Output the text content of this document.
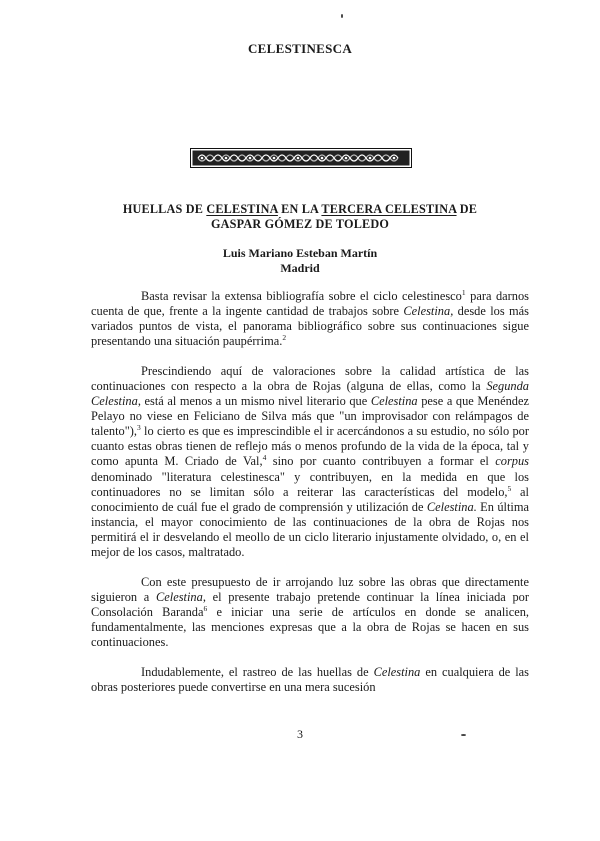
CELESTINESCA
HUELLAS DE CELESTINA EN LA TERCERA CELESTINA DE
GASPAR GÓMEZ DE TOLEDO
Luis Mariano Esteban Martín
Madrid

Basta revisar la extensa bibliografía sobre el ciclo celestinesco$^1$ para darnos cuenta de que, frente a la ingente cantidad de trabajos sobre Celestina, desde los más variados puntos de vista, el panorama bibliográfico sobre sus continuaciones sigue presentando una situación paupérrima.$^2$

Prescindiendo aquí de valoraciones sobre la calidad artística de las continuaciones con respecto a la obra de Rojas (alguna de ellas, como la Segunda Celestina, está al menos a un mismo nivel literario que Celestina pese a que Menéndez Pelayo no viese en Feliciano de Silva más que "un improvisador con relámpagos de talento"),$^3$ lo cierto es que es imprescindible el ir acercándonos a su estudio, no sólo por cuanto estas obras tienen de reflejo más o menos profundo de la vida de la época, tal y como apunta M. Criado de Val,$^4$ sino por cuanto contribuyen a formar el corpus denominado "literatura celestinesca" y contribuyen, en la medida en que los continuadores no se limitan sólo a reiterar las características del modelo,$^5$ al conocimiento de cuál fue el grado de comprensión y utilización de Celestina. En última instancia, el mayor conocimiento de las continuaciones de la obra de Rojas nos permitirá el ir desvelando el meollo de un ciclo literario injustamente olvidado, o, en el mejor de los casos, maltratado.

Con este presupuesto de ir arrojando luz sobre las obras que directamente siguieron a Celestina, el presente trabajo pretende continuar la línea iniciada por Consolación Baranda$^6$ e iniciar una serie de artículos en donde se analicen, fundamentalmente, las menciones expresas que a la obra de Rojas se hacen en sus continuaciones.

Indudablemente, el rastreo de las huellas de Celestina en cualquiera de las obras posteriores puede convertirse en una mera sucesión

3
